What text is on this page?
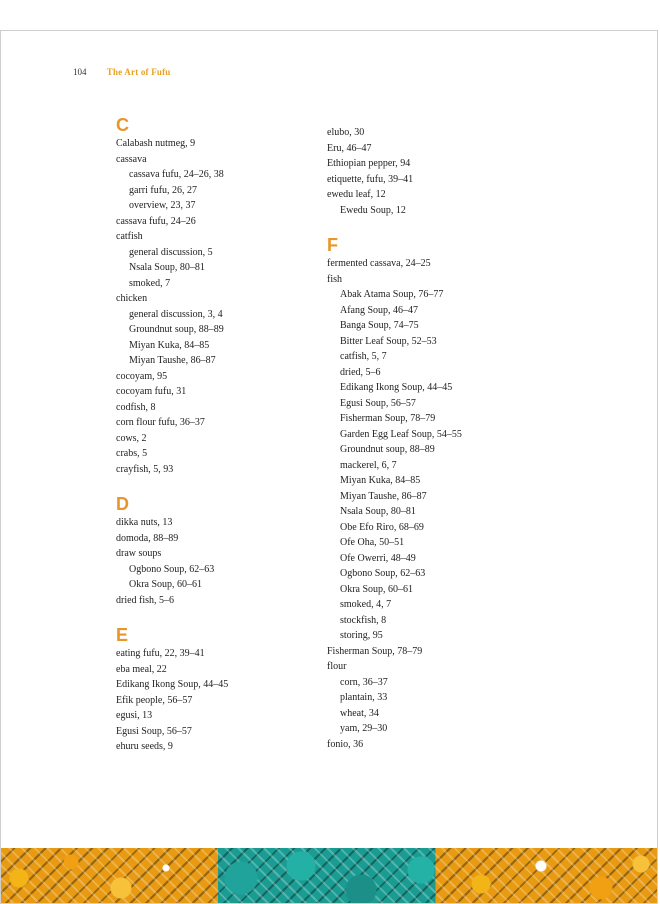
104 The Art of Fufu
C
Calabash nutmeg, 9
cassava
cassava fufu, 24–26, 38
garri fufu, 26, 27
overview, 23, 37
cassava fufu, 24–26
catfish
general discussion, 5
Nsala Soup, 80–81
smoked, 7
chicken
general discussion, 3, 4
Groundnut soup, 88–89
Miyan Kuka, 84–85
Miyan Taushe, 86–87
cocoyam, 95
cocoyam fufu, 31
codfish, 8
corn flour fufu, 36–37
cows, 2
crabs, 5
crayfish, 5, 93
D
dikka nuts, 13
domoda, 88–89
draw soups
Ogbono Soup, 62–63
Okra Soup, 60–61
dried fish, 5–6
E
eating fufu, 22, 39–41
eba meal, 22
Edikang Ikong Soup, 44–45
Efik people, 56–57
egusi, 13
Egusi Soup, 56–57
ehuru seeds, 9
elubo, 30
Eru, 46–47
Ethiopian pepper, 94
etiquette, fufu, 39–41
ewedu leaf, 12
Ewedu Soup, 12
F
fermented cassava, 24–25
fish
Abak Atama Soup, 76–77
Afang Soup, 46–47
Banga Soup, 74–75
Bitter Leaf Soup, 52–53
catfish, 5, 7
dried, 5–6
Edikang Ikong Soup, 44–45
Egusi Soup, 56–57
Fisherman Soup, 78–79
Garden Egg Leaf Soup, 54–55
Groundnut soup, 88–89
mackerel, 6, 7
Miyan Kuka, 84–85
Miyan Taushe, 86–87
Nsala Soup, 80–81
Obe Efo Riro, 68–69
Ofe Oha, 50–51
Ofe Owerri, 48–49
Ogbono Soup, 62–63
Okra Soup, 60–61
smoked, 4, 7
stockfish, 8
storing, 95
Fisherman Soup, 78–79
flour
corn, 36–37
plantain, 33
wheat, 34
yam, 29–30
fonio, 36
